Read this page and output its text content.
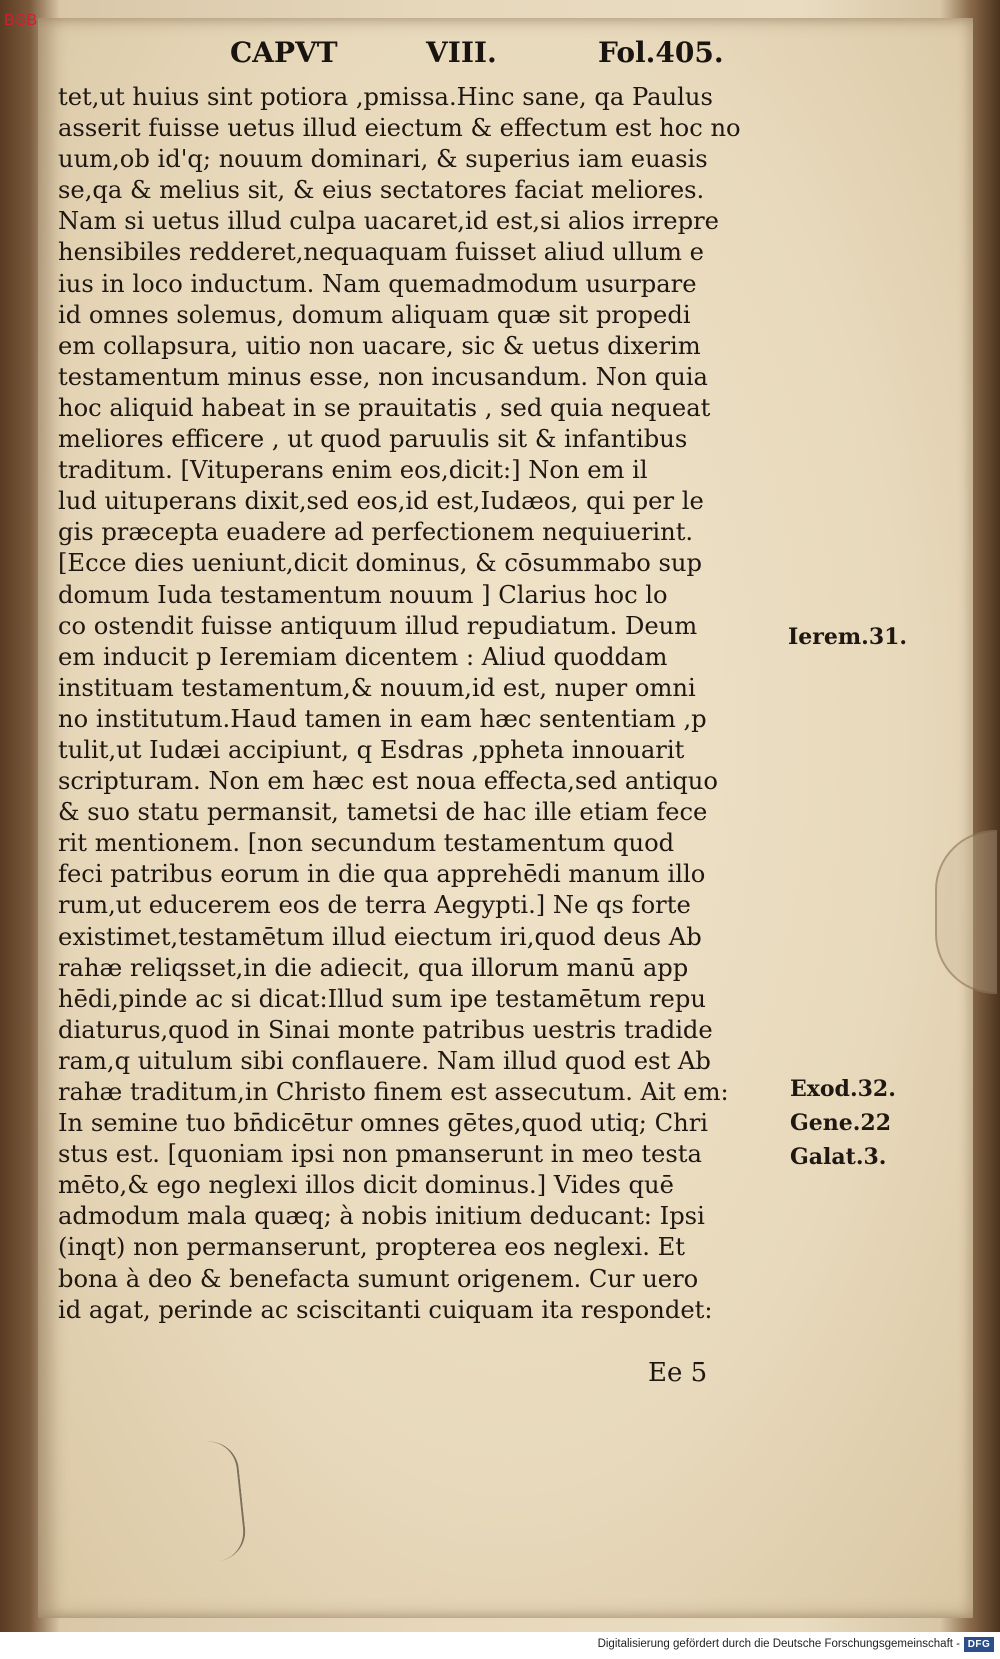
BSB
CAPVT	VIII.	Fol.405.
tet,ut huius sint potiora ,pmissa.Hinc sane, qa Paulus
asserit fuisse uetus illud eiectum & effectum est hoc no
uum,ob id'q; nouum dominari, & superius iam euasis
se,qa & melius sit, & eius sectatores faciat meliores.
Nam si uetus illud culpa uacaret,id est,si alios irrepre
hensibiles redderet,nequaquam fuisset aliud ullum e
ius in loco inductum. Nam quemadmodum usurpare
id omnes solemus, domum aliquam quæ sit propedi
em collapsura, uitio non uacare, sic & uetus dixerim
testamentum minus esse, non incusandum. Non quia
hoc aliquid habeat in se prauitatis , sed quia nequeat
meliores efficere , ut quod paruulis sit & infantibus
traditum. [Vituperans enim eos,dicit:] Non em il
lud uituperans dixit,sed eos,id est,Iudæos, qui per le
gis præcepta euadere ad perfectionem nequiuerint.
[Ecce dies ueniunt,dicit dominus, & cōsummabo sup
domum Iuda testamentum nouum ] Clarius hoc lo
co ostendit fuisse antiquum illud repudiatum. Deum
em inducit p Ieremiam dicentem : Aliud quoddam
instituam testamentum,& nouum,id est, nuper omni
no institutum.Haud tamen in eam hæc sententiam ,p
tulit,ut Iudæi accipiunt, q Esdras ,ppheta innouarit
scripturam. Non em hæc est noua effecta,sed antiquo
& suo statu permansit, tametsi de hac ille etiam fece
rit mentionem. [non secundum testamentum quod
feci patribus eorum in die qua apprehēdi manum illo
rum,ut educerem eos de terra Aegypti.] Ne qs forte
existimet,testamētum illud eiectum iri,quod deus Ab
rahæ reliqsset,in die adiecit, qua illorum manū app
hēdi,pinde ac si dicat:Illud sum ipe testamētum repu
diaturus,quod in Sinai monte patribus uestris tradide
ram,q uitulum sibi conflauere. Nam illud quod est Ab
rahæ traditum,in Christo finem est assecutum. Ait em:
In semine tuo bn̄dicētur omnes gētes,quod utiq; Chri
stus est. [quoniam ipsi non pmanserunt in meo testa
mēto,& ego neglexi illos dicit dominus.] Vides quē
admodum mala quæq; à nobis initium deducant: Ipsi
(inqt) non permanserunt, propterea eos neglexi. Et
bona à deo & benefacta sumunt origenem. Cur uero
id agat, perinde ac sciscitanti cuiquam ita respondet:
Ierem.31.
Exod.32.
Gene.22
Galat.3.
Ee 5
Digitalisierung gefördert durch die Deutsche Forschungsgemeinschaft - DFG
